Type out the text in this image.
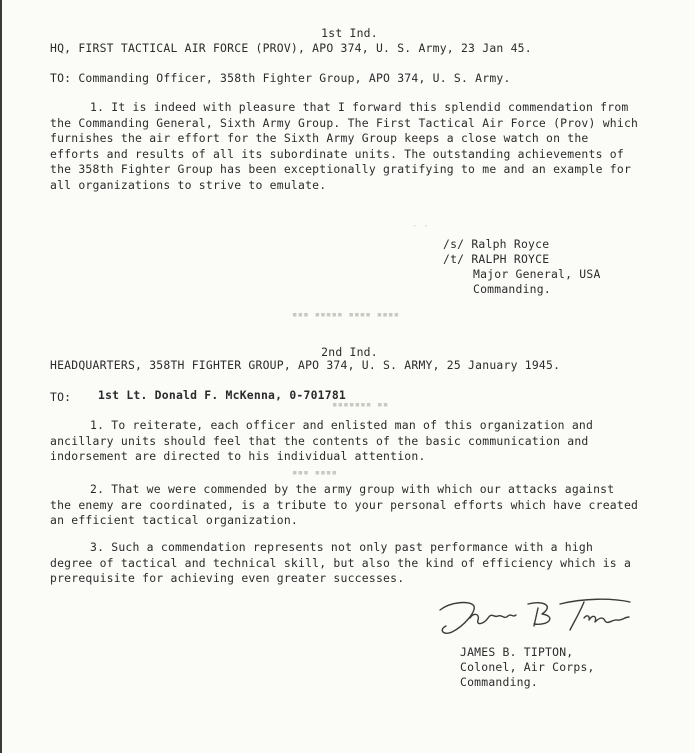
1st Ind.
HQ, FIRST TACTICAL AIR FORCE (PROV), APO 374, U. S. Army, 23 Jan 45.
TO: Commanding Officer, 358th Fighter Group, APO 374, U. S. Army.
1. It is indeed with pleasure that I forward this splendid commendation from the Commanding General, Sixth Army Group. The First Tactical Air Force (Prov) which furnishes the air effort for the Sixth Army Group keeps a close watch on the efforts and results of all its subordinate units. The outstanding achievements of the 358th Fighter Group has been exceptionally gratifying to me and an example for all organizations to strive to emulate.
/s/ Ralph Royce
/t/ RALPH ROYCE
Major General, USA
Commanding.
▪▪▪ ▪▪▪▪▪ ▪▪▪▪ ▪▪▪▪
· ·
▪▪▪▪▪▪▪ ▪▪
▪▪▪ ▪▪▪▪
2nd Ind.
HEADQUARTERS, 358TH FIGHTER GROUP, APO 374, U. S. ARMY, 25 January 1945.
TO: 1st Lt. Donald F. McKenna, 0-701781
1. To reiterate, each officer and enlisted man of this organization and ancillary units should feel that the contents of the basic communication and indorsement are directed to his individual attention.
2. That we were commended by the army group with which our attacks against the enemy are coordinated, is a tribute to your personal efforts which have created an efficient tactical organization.
3. Such a commendation represents not only past performance with a high degree of tactical and technical skill, but also the kind of efficiency which is a prerequisite for achieving even greater successes.
JAMES B. TIPTON,
Colonel, Air Corps,
Commanding.
